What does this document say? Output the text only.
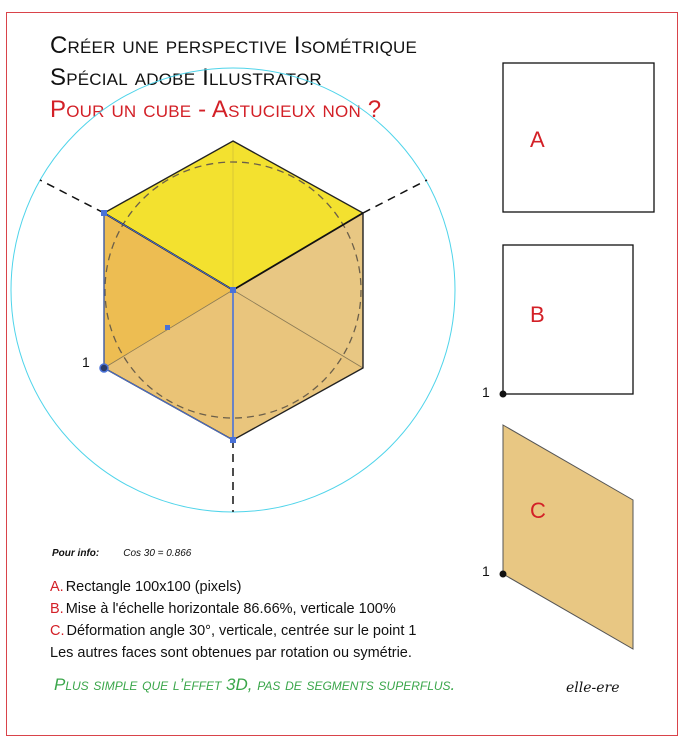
Créer une perspective Isométrique
Spécial adobe Illustrator
Pour un cube - Astucieux non ?
1
A
B
1
C
1
Pour info: Cos 30 = 0.866
A. Rectangle 100x100 (pixels)
B. Mise à l'échelle horizontale 86.66%, verticale 100%
C. Déformation angle 30°, verticale, centrée sur le point 1
Les autres faces sont obtenues par rotation ou symétrie.
Plus simple que l’effet 3D, pas de segments superflus.	elle-ere
